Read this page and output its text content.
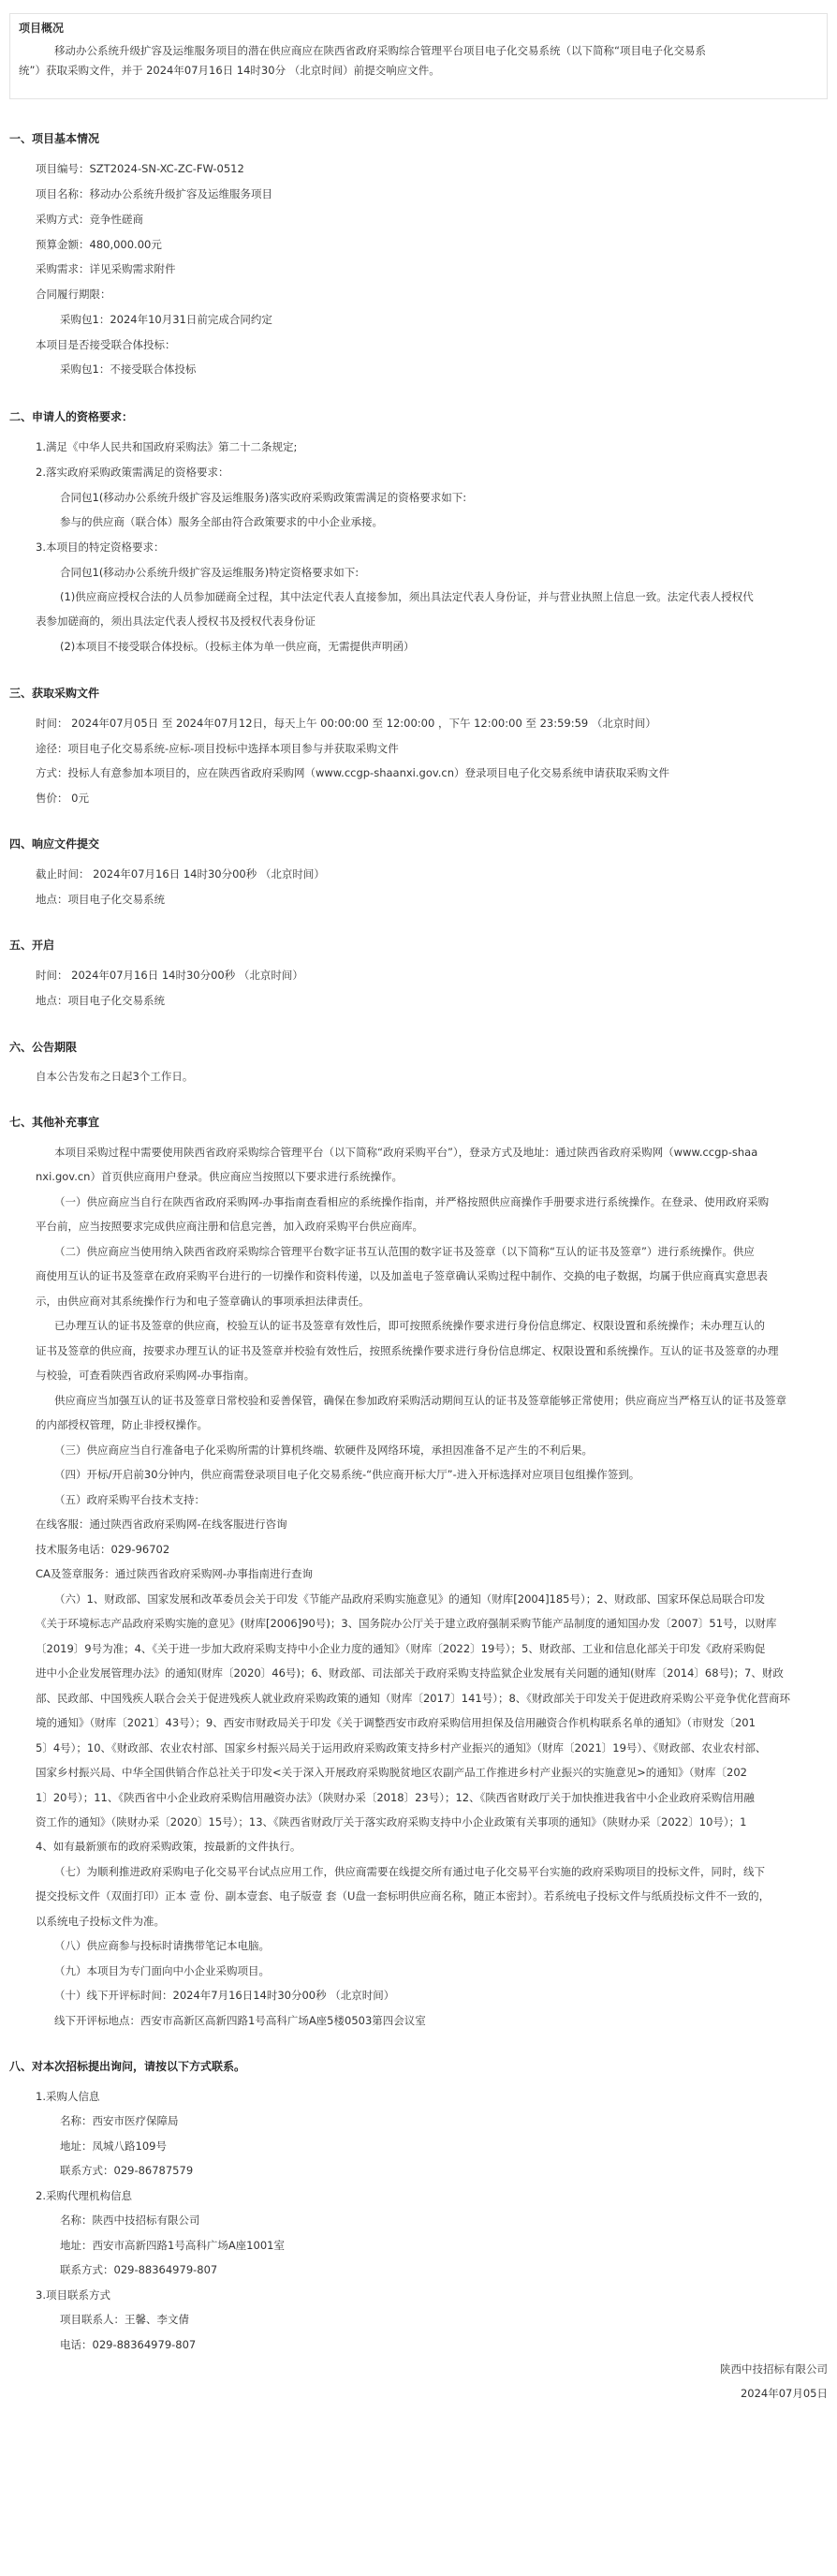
项目概况
移动办公系统升级扩容及运维服务项目的潜在供应商应在陕西省政府采购综合管理平台项目电子化交易系统（以下简称“项目电子化交易系
统”）获取采购文件，并于 2024年07月16日 14时30分 （北京时间）前提交响应文件。
一、项目基本情况
项目编号：SZT2024-SN-XC-ZC-FW-0512
项目名称：移动办公系统升级扩容及运维服务项目
采购方式：竞争性磋商
预算金额：480,000.00元
采购需求：详见采购需求附件
合同履行期限：
采购包1：2024年10月31日前完成合同约定
本项目是否接受联合体投标：
采购包1：不接受联合体投标
二、申请人的资格要求：
1.满足《中华人民共和国政府采购法》第二十二条规定;
2.落实政府采购政策需满足的资格要求：
合同包1(移动办公系统升级扩容及运维服务)落实政府采购政策需满足的资格要求如下:
参与的供应商（联合体）服务全部由符合政策要求的中小企业承接。
3.本项目的特定资格要求：
合同包1(移动办公系统升级扩容及运维服务)特定资格要求如下:
(1)供应商应授权合法的人员参加磋商全过程，其中法定代表人直接参加，须出具法定代表人身份证，并与营业执照上信息一致。法定代表人授权代
表参加磋商的，须出具法定代表人授权书及授权代表身份证
(2)本项目不接受联合体投标。（投标主体为单一供应商，无需提供声明函）
三、获取采购文件
时间： 2024年07月05日 至 2024年07月12日，每天上午 00:00:00 至 12:00:00 ，下午 12:00:00 至 23:59:59 （北京时间）
途径：项目电子化交易系统-应标-项目投标中选择本项目参与并获取采购文件
方式：投标人有意参加本项目的，应在陕西省政府采购网（www.ccgp-shaanxi.gov.cn）登录项目电子化交易系统申请获取采购文件
售价： 0元
四、响应文件提交
截止时间： 2024年07月16日 14时30分00秒 （北京时间）
地点：项目电子化交易系统
五、开启
时间： 2024年07月16日 14时30分00秒 （北京时间）
地点：项目电子化交易系统
六、公告期限
自本公告发布之日起3个工作日。
七、其他补充事宜
本项目采购过程中需要使用陕西省政府采购综合管理平台（以下简称“政府采购平台”），登录方式及地址：通过陕西省政府采购网（www.ccgp-shaa
nxi.gov.cn）首页供应商用户登录。供应商应当按照以下要求进行系统操作。
（一）供应商应当自行在陕西省政府采购网-办事指南查看相应的系统操作指南，并严格按照供应商操作手册要求进行系统操作。在登录、使用政府采购
平台前，应当按照要求完成供应商注册和信息完善，加入政府采购平台供应商库。
（二）供应商应当使用纳入陕西省政府采购综合管理平台数字证书互认范围的数字证书及签章（以下简称“互认的证书及签章”）进行系统操作。供应
商使用互认的证书及签章在政府采购平台进行的一切操作和资料传递，以及加盖电子签章确认采购过程中制作、交换的电子数据，均属于供应商真实意思表
示，由供应商对其系统操作行为和电子签章确认的事项承担法律责任。
已办理互认的证书及签章的供应商，校验互认的证书及签章有效性后，即可按照系统操作要求进行身份信息绑定、权限设置和系统操作；未办理互认的
证书及签章的供应商，按要求办理互认的证书及签章并校验有效性后，按照系统操作要求进行身份信息绑定、权限设置和系统操作。互认的证书及签章的办理
与校验，可查看陕西省政府采购网-办事指南。
供应商应当加强互认的证书及签章日常校验和妥善保管，确保在参加政府采购活动期间互认的证书及签章能够正常使用；供应商应当严格互认的证书及签章
的内部授权管理，防止非授权操作。
（三）供应商应当自行准备电子化采购所需的计算机终端、软硬件及网络环境，承担因准备不足产生的不利后果。
（四）开标/开启前30分钟内，供应商需登录项目电子化交易系统-“供应商开标大厅”-进入开标选择对应项目包组操作签到。
（五）政府采购平台技术支持：
在线客服：通过陕西省政府采购网-在线客服进行咨询
技术服务电话：029-96702
CA及签章服务：通过陕西省政府采购网-办事指南进行查询
（六）1、财政部、国家发展和改革委员会关于印发《节能产品政府采购实施意见》的通知（财库[2004]185号）；2、财政部、国家环保总局联合印发
《关于环境标志产品政府采购实施的意见》(财库[2006]90号)；3、国务院办公厅关于建立政府强制采购节能产品制度的通知国办发〔2007〕51号，以财库
〔2019〕9号为准；4、《关于进一步加大政府采购支持中小企业力度的通知》（财库〔2022〕19号）；5、财政部、工业和信息化部关于印发《政府采购促
进中小企业发展管理办法》的通知(财库〔2020〕46号)；6、财政部、司法部关于政府采购支持监狱企业发展有关问题的通知(财库〔2014〕68号)；7、财政
部、民政部、中国残疾人联合会关于促进残疾人就业政府采购政策的通知（财库〔2017〕141号）；8、《财政部关于印发关于促进政府采购公平竞争优化营商环
境的通知》（财库〔2021〕43号）；9、西安市财政局关于印发《关于调整西安市政府采购信用担保及信用融资合作机构联系名单的通知》（市财发〔201
5〕4号）；10、《财政部、农业农村部、国家乡村振兴局关于运用政府采购政策支持乡村产业振兴的通知》（财库〔2021〕19号）、《财政部、农业农村部、
国家乡村振兴局、中华全国供销合作总社关于印发<关于深入开展政府采购脱贫地区农副产品工作推进乡村产业振兴的实施意见>的通知》（财库〔202
1〕20号）；11、《陕西省中小企业政府采购信用融资办法》（陕财办采〔2018〕23号）；12、《陕西省财政厅关于加快推进我省中小企业政府采购信用融
资工作的通知》（陕财办采〔2020〕15号）；13、《陕西省财政厅关于落实政府采购支持中小企业政策有关事项的通知》（陕财办采〔2022〕10号）；1
4、如有最新颁布的政府采购政策，按最新的文件执行。
（七）为顺利推进政府采购电子化交易平台试点应用工作，供应商需要在线提交所有通过电子化交易平台实施的政府采购项目的投标文件，同时，线下
提交投标文件（双面打印）正本 壹 份、副本壹套、电子版壹 套（U盘一套标明供应商名称，随正本密封）。若系统电子投标文件与纸质投标文件不一致的，
以系统电子投标文件为准。
（八）供应商参与投标时请携带笔记本电脑。
（九）本项目为专门面向中小企业采购项目。
（十）线下开评标时间：2024年7月16日14时30分00秒 （北京时间）
线下开评标地点：西安市高新区高新四路1号高科广场A座5楼0503第四会议室
八、对本次招标提出询问，请按以下方式联系。
1.采购人信息
名称：西安市医疗保障局
地址：凤城八路109号
联系方式：029-86787579
2.采购代理机构信息
名称：陕西中技招标有限公司
地址：西安市高新四路1号高科广场A座1001室
联系方式：029-88364979-807
3.项目联系方式
项目联系人：王馨、李文倩
电话：029-88364979-807
陕西中技招标有限公司
2024年07月05日
